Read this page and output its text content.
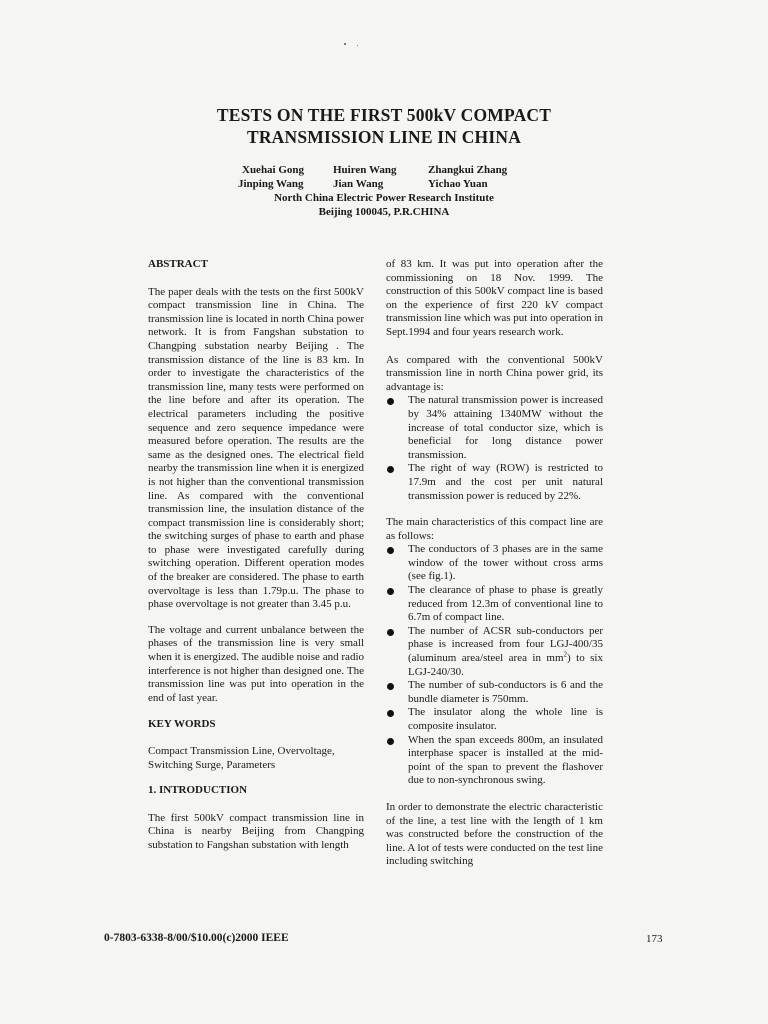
TESTS ON THE FIRST 500kV COMPACT
TRANSMISSION LINE IN CHINA
Xuehai Gong	Huiren Wang	Zhangkui Zhang
Jinping Wang	Jian Wang	Yichao Yuan
North China Electric Power Research Institute
Beijing 100045, P.R.CHINA
ABSTRACT

The paper deals with the tests on the first 500kV compact transmission line in China. The transmission line is located in north China power network. It is from Fangshan substation to Changping substation nearby Beijing . The transmission distance of the line is 83 km. In order to investigate the characteristics of the transmission line, many tests were performed on the line before and after its operation. The electrical parameters including the positive sequence and zero sequence impedance were measured before operation. The results are the same as the designed ones. The electrical field nearby the transmission line when it is energized is not higher than the conventional transmission line. As compared with the conventional transmission line, the insulation distance of the compact transmission line is considerably short; the switching surges of phase to earth and phase to phase were investigated carefully during switching operation. Different operation modes of the breaker are considered. The phase to earth overvoltage is less than 1.79p.u. The phase to phase overvoltage is not greater than 3.45 p.u.

The voltage and current unbalance between the phases of the transmission line is very small when it is energized. The audible noise and radio interference is not higher than designed one. The transmission line was put into operation in the end of last year.

KEY WORDS

Compact Transmission Line, Overvoltage, Switching Surge, Parameters

1. INTRODUCTION

The first 500kV compact transmission line in China is nearby Beijing from Changping substation to Fangshan substation with length

of 83 km. It was put into operation after the commissioning on 18 Nov. 1999. The construction of this 500kV compact line is based on the experience of first 220 kV compact transmission line which was put into operation in Sept.1994 and four years research work.

As compared with the conventional 500kV transmission line in north China power grid, its advantage is:

The natural transmission power is increased by 34% attaining 1340MW without the increase of total conductor size, which is beneficial for long distance power transmission.
The right of way (ROW) is restricted to 17.9m and the cost per unit natural transmission power is reduced by 22%.

The main characteristics of this compact line are as follows:

The conductors of 3 phases are in the same window of the tower without cross arms (see fig.1).
The clearance of phase to phase is greatly reduced from 12.3m of conventional line to 6.7m of compact line.
The number of ACSR sub-conductors per phase is increased from four LGJ-400/35 (aluminum area/steel area in $mm^2$) to six LGJ-240/30.
The number of sub-conductors is 6 and the bundle diameter is 750mm.
The insulator along the whole line is composite insulator.
When the span exceeds 800m, an insulated interphase spacer is installed at the mid-point of the span to prevent the flashover due to non-synchronous swing.

In order to demonstrate the electric characteristic of the line, a test line with the length of 1 km was constructed before the construction of the line. A lot of tests were conducted on the test line including switching

0-7803-6338-8/00/$10.00(c)2000 IEEE	173
